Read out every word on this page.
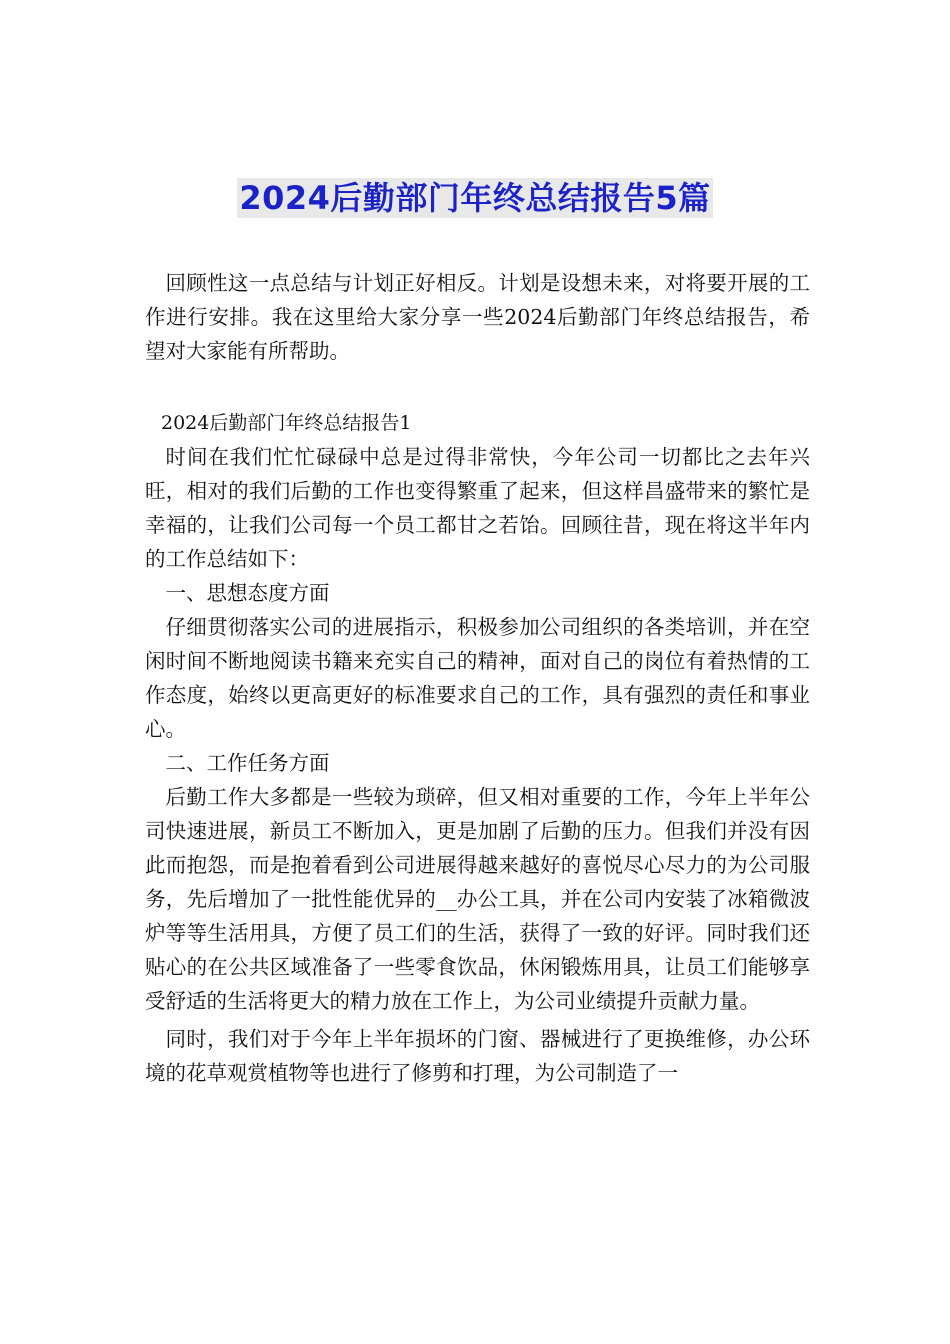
2024后勤部门年终总结报告5篇

回顾性这一点总结与计划正好相反。计划是设想未来，对将要开展的工作进行安排。我在这里给大家分享一些2024后勤部门年终总结报告，希望对大家能有所帮助。

2024后勤部门年终总结报告1

时间在我们忙忙碌碌中总是过得非常快，今年公司一切都比之去年兴旺，相对的我们后勤的工作也变得繁重了起来，但这样昌盛带来的繁忙是幸福的，让我们公司每一个员工都甘之若饴。回顾往昔，现在将这半年内的工作总结如下：

一、思想态度方面

仔细贯彻落实公司的进展指示，积极参加公司组织的各类培训，并在空闲时间不断地阅读书籍来充实自己的精神，面对自己的岗位有着热情的工作态度，始终以更高更好的标准要求自己的工作，具有强烈的责任和事业心。

二、工作任务方面

后勤工作大多都是一些较为琐碎，但又相对重要的工作，今年上半年公司快速进展，新员工不断加入，更是加剧了后勤的压力。但我们并没有因此而抱怨，而是抱着看到公司进展得越来越好的喜悦尽心尽力的为公司服务，先后增加了一批性能优异的__办公工具，并在公司内安装了冰箱微波炉等等生活用具，方便了员工们的生活，获得了一致的好评。同时我们还贴心的在公共区域准备了一些零食饮品，休闲锻炼用具，让员工们能够享受舒适的生活将更大的精力放在工作上，为公司业绩提升贡献力量。

同时，我们对于今年上半年损坏的门窗、器械进行了更换维修，办公环境的花草观赏植物等也进行了修剪和打理，为公司制造了一
